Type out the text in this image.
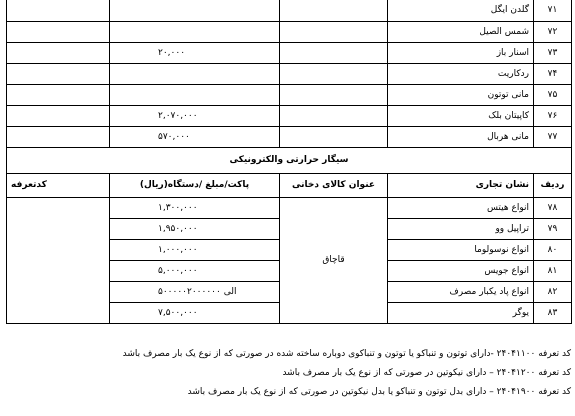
۷۱	گلدن ایگل			
۷۲	شمس الصیل			
۷۳	اسنار باز		۲۰,۰۰۰	
۷۴	ردکاریت			
۷۵	مانی توتون			
۷۶	کاپیتان بلک		۲,۰۷۰,۰۰۰	
۷۷	مانی هربال		۵۷۰,۰۰۰	
سیگار حرارتی والکترونیکی				
ردیف	نشان تجاری	عنوان کالای دخانی	پاکت/مبلغ /دستگاه(ریال)	کدتعرفه
۷۸	انواع هیتس	قاچاق	۱,۳۰۰,۰۰۰	
۷۹	تراپیل وو		۱,۹۵۰,۰۰۰	
۸۰	انواع نوسولوما		۱,۰۰۰,۰۰۰	
۸۱	انواع جویس		۵,۰۰۰,۰۰۰	
۸۲	انواع پاد یکبار مصرف		۵۰۰۰۰۰الی ۲۰۰۰۰۰۰	
۸۳	یوگر		۷,۵۰۰,۰۰۰	
کد تعرفه ۲۴۰۴۱۱۰۰ -دارای توتون و تنباکو یا توتون و تنباکوی دوباره ساخته شده در صورتی که از نوع یک بار مصرف باشد
کد تعرفه ۲۴۰۴۱۲۰۰ – دارای نیکوتین در صورتی که از نوع یک بار مصرف باشد
کد تعرفه ۲۴۰۴۱۹۰۰ – دارای بدل توتون و تنباکو یا بدل نیکوتین در صورتی که از نوع یک بار مصرف باشد
